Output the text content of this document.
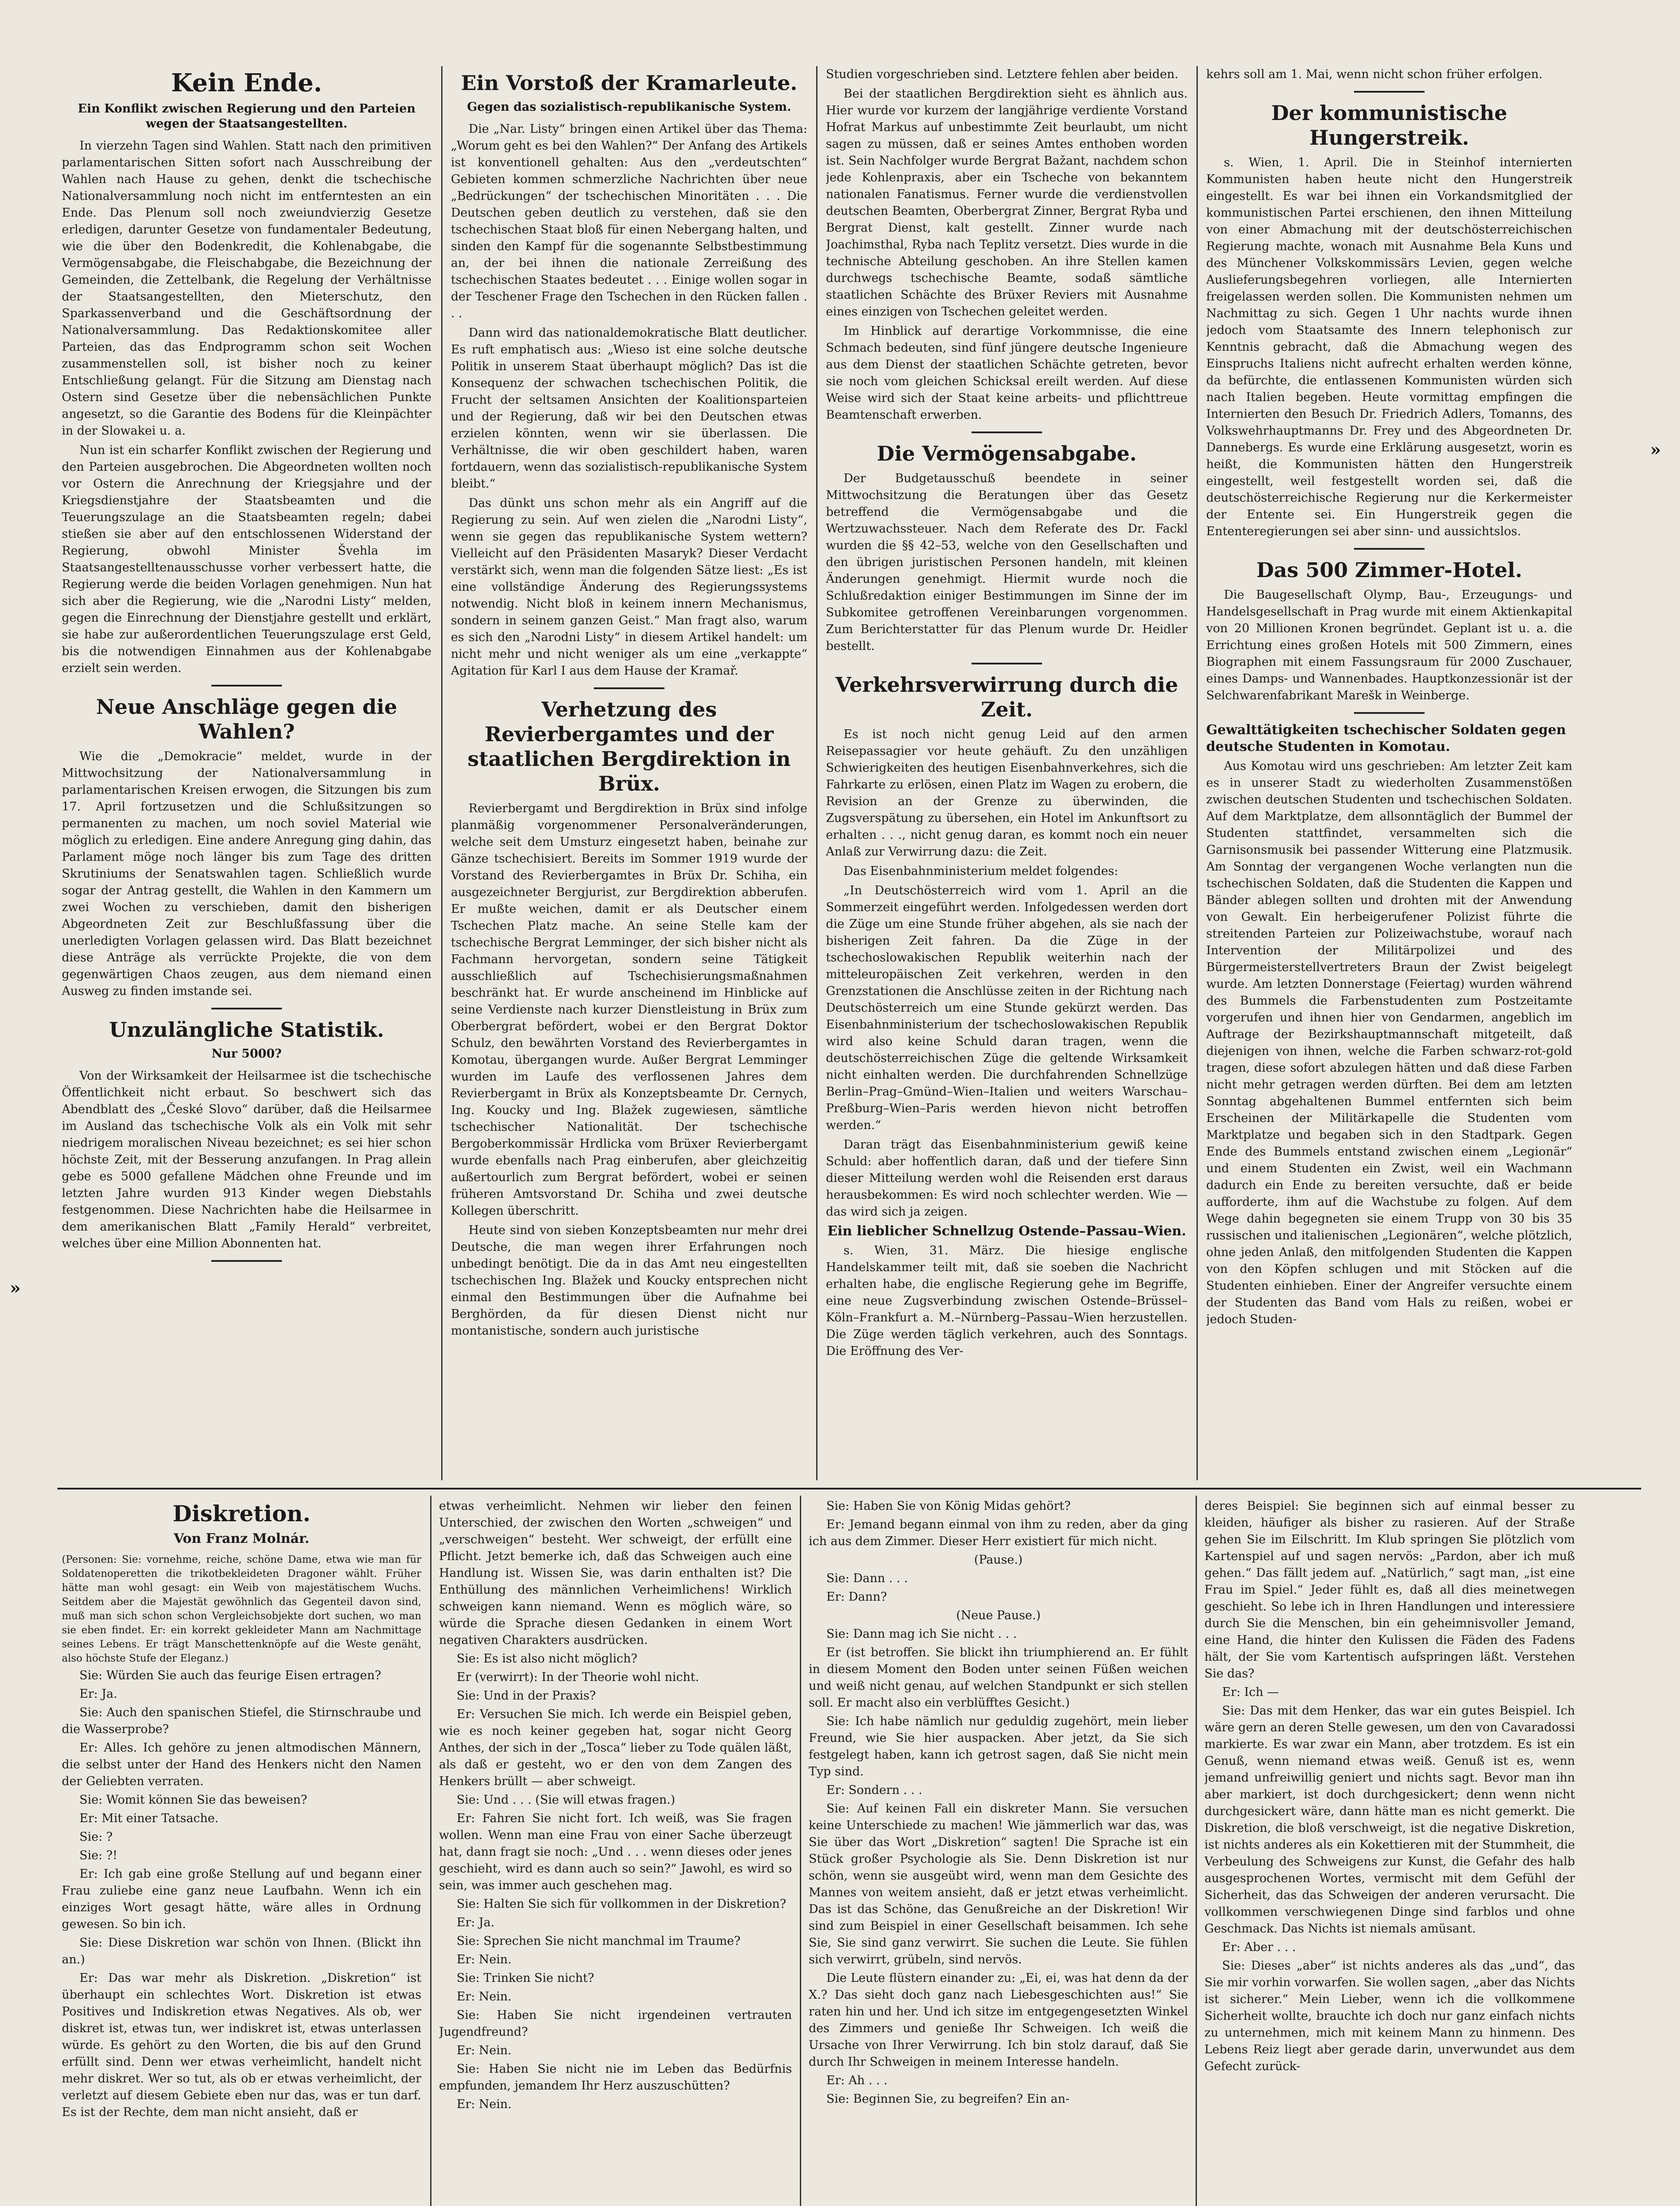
»
»
Kein Ende.
Ein Konflikt zwischen Regierung und den Parteien wegen der Staatsangestellten.

In vierzehn Tagen sind Wahlen. Statt nach den primitiven parlamentarischen Sitten sofort nach Ausschreibung der Wahlen nach Hause zu gehen, denkt die tschechische Nationalversammlung noch nicht im entferntesten an ein Ende. Das Plenum soll noch zweiundvierzig Gesetze erledigen, darunter Gesetze von fundamentaler Bedeutung, wie die über den Bodenkredit, die Kohlenabgabe, die Vermögensabgabe, die Fleischabgabe, die Bezeichnung der Gemeinden, die Zettelbank, die Regelung der Verhältnisse der Staatsangestellten, den Mieterschutz, den Sparkassenverband und die Geschäftsordnung der Nationalversammlung. Das Redaktionskomitee aller Parteien, das das Endprogramm schon seit Wochen zusammenstellen soll, ist bisher noch zu keiner Entschließung gelangt. Für die Sitzung am Dienstag nach Ostern sind Gesetze über die nebensächlichen Punkte angesetzt, so die Garantie des Bodens für die Kleinpächter in der Slowakei u. a.

Nun ist ein scharfer Konflikt zwischen der Regierung und den Parteien ausgebrochen. Die Abgeordneten wollten noch vor Ostern die Anrechnung der Kriegsjahre und der Kriegsdienstjahre der Staatsbeamten und die Teuerungszulage an die Staatsbeamten regeln; dabei stießen sie aber auf den entschlossenen Widerstand der Regierung, obwohl Minister Švehla im Staatsangestelltenausschusse vorher verbessert hatte, die Regierung werde die beiden Vorlagen genehmigen. Nun hat sich aber die Regierung, wie die „Narodni Listy“ melden, gegen die Einrechnung der Dienstjahre gestellt und erklärt, sie habe zur außerordentlichen Teuerungszulage erst Geld, bis die notwendigen Einnahmen aus der Kohlenabgabe erzielt sein werden.

Neue Anschläge gegen die Wahlen?

Wie die „Demokracie“ meldet, wurde in der Mittwochsitzung der Nationalversammlung in parlamentarischen Kreisen erwogen, die Sitzungen bis zum 17. April fortzusetzen und die Schlußsitzungen so permanenten zu machen, um noch soviel Material wie möglich zu erledigen. Eine andere Anregung ging dahin, das Parlament möge noch länger bis zum Tage des dritten Skrutiniums der Senatswahlen tagen. Schließlich wurde sogar der Antrag gestellt, die Wahlen in den Kammern um zwei Wochen zu verschieben, damit den bisherigen Abgeordneten Zeit zur Beschlußfassung über die unerledigten Vorlagen gelassen wird. Das Blatt bezeichnet diese Anträge als verrückte Projekte, die von dem gegenwärtigen Chaos zeugen, aus dem niemand einen Ausweg zu finden imstande sei.

Unzulängliche Statistik.
Nur 5000?

Von der Wirksamkeit der Heilsarmee ist die tschechische Öffentlichkeit nicht erbaut. So beschwert sich das Abendblatt des „České Slovo“ darüber, daß die Heilsarmee im Ausland das tschechische Volk als ein Volk mit sehr niedrigem moralischen Niveau bezeichnet; es sei hier schon höchste Zeit, mit der Besserung anzufangen. In Prag allein gebe es 5000 gefallene Mädchen ohne Freunde und im letzten Jahre wurden 913 Kinder wegen Diebstahls festgenommen. Diese Nachrichten habe die Heilsarmee in dem amerikanischen Blatt „Family Herald“ verbreitet, welches über eine Million Abonnenten hat.

Ein Vorstoß der Kramarleute.
Gegen das sozialistisch-republikanische System.

Die „Nar. Listy“ bringen einen Artikel über das Thema: „Worum geht es bei den Wahlen?“ Der Anfang des Artikels ist konventionell gehalten: Aus den „verdeutschten“ Gebieten kommen schmerzliche Nachrichten über neue „Bedrückungen“ der tschechischen Minoritäten . . . Die Deutschen geben deutlich zu verstehen, daß sie den tschechischen Staat bloß für einen Nebergang halten, und sinden den Kampf für die sogenannte Selbstbestimmung an, der bei ihnen die nationale Zerreißung des tschechischen Staates bedeutet . . . Einige wollen sogar in der Teschener Frage den Tschechen in den Rücken fallen . . .

Dann wird das nationaldemokratische Blatt deutlicher. Es ruft emphatisch aus: „Wieso ist eine solche deutsche Politik in unserem Staat überhaupt möglich? Das ist die Konsequenz der schwachen tschechischen Politik, die Frucht der seltsamen Ansichten der Koalitionsparteien und der Regierung, daß wir bei den Deutschen etwas erzielen könnten, wenn wir sie überlassen. Die Verhältnisse, die wir oben geschildert haben, waren fortdauern, wenn das sozialistisch-republikanische System bleibt.“

Das dünkt uns schon mehr als ein Angriff auf die Regierung zu sein. Auf wen zielen die „Narodni Listy“, wenn sie gegen das republikanische System wettern? Vielleicht auf den Präsidenten Masaryk? Dieser Verdacht verstärkt sich, wenn man die folgenden Sätze liest: „Es ist eine vollständige Änderung des Regierungssystems notwendig. Nicht bloß in keinem innern Mechanismus, sondern in seinem ganzen Geist.“ Man fragt also, warum es sich den „Narodni Listy“ in diesem Artikel handelt: um nicht mehr und nicht weniger als um eine „verkappte“ Agitation für Karl I aus dem Hause der Kramař.

Verhetzung des Revierbergamtes und der staatlichen Bergdirektion in Brüx.

Revierbergamt und Bergdirektion in Brüx sind infolge planmäßig vorgenommener Personalveränderungen, welche seit dem Umsturz eingesetzt haben, beinahe zur Gänze tschechisiert. Bereits im Sommer 1919 wurde der Vorstand des Revierbergamtes in Brüx Dr. Schiha, ein ausgezeichneter Bergjurist, zur Bergdirektion abberufen. Er mußte weichen, damit er als Deutscher einem Tschechen Platz mache. An seine Stelle kam der tschechische Bergrat Lemminger, der sich bisher nicht als Fachmann hervorgetan, sondern seine Tätigkeit ausschließlich auf Tschechisierungsmaßnahmen beschränkt hat. Er wurde anscheinend im Hinblicke auf seine Verdienste nach kurzer Dienstleistung in Brüx zum Oberbergrat befördert, wobei er den Bergrat Doktor Schulz, den bewährten Vorstand des Revierbergamtes in Komotau, übergangen wurde. Außer Bergrat Lemminger wurden im Laufe des verflossenen Jahres dem Revierbergamt in Brüx als Konzeptsbeamte Dr. Cernych, Ing. Koucky und Ing. Blažek zugewiesen, sämtliche tschechischer Nationalität. Der tschechische Bergoberkommissär Hrdlicka vom Brüxer Revierbergamt wurde ebenfalls nach Prag einberufen, aber gleichzeitig außertourlich zum Bergrat befördert, wobei er seinen früheren Amtsvorstand Dr. Schiha und zwei deutsche Kollegen überschritt.

Heute sind von sieben Konzeptsbeamten nur mehr drei Deutsche, die man wegen ihrer Erfahrungen noch unbedingt benötigt. Die da in das Amt neu eingestellten tschechischen Ing. Blažek und Koucky entsprechen nicht einmal den Bestimmungen über die Aufnahme bei Berghörden, da für diesen Dienst nicht nur montanistische, sondern auch juristische

Studien vorgeschrieben sind. Letztere fehlen aber beiden.

Bei der staatlichen Bergdirektion sieht es ähnlich aus. Hier wurde vor kurzem der langjährige verdiente Vorstand Hofrat Markus auf unbestimmte Zeit beurlaubt, um nicht sagen zu müssen, daß er seines Amtes enthoben worden ist. Sein Nachfolger wurde Bergrat Bažant, nachdem schon jede Kohlenpraxis, aber ein Tscheche von bekanntem nationalen Fanatismus. Ferner wurde die verdienstvollen deutschen Beamten, Oberbergrat Zinner, Bergrat Ryba und Bergrat Dienst, kalt gestellt. Zinner wurde nach Joachimsthal, Ryba nach Teplitz versetzt. Dies wurde in die technische Abteilung geschoben. An ihre Stellen kamen durchwegs tschechische Beamte, sodaß sämtliche staatlichen Schächte des Brüxer Reviers mit Ausnahme eines einzigen von Tschechen geleitet werden.

Im Hinblick auf derartige Vorkommnisse, die eine Schmach bedeuten, sind fünf jüngere deutsche Ingenieure aus dem Dienst der staatlichen Schächte getreten, bevor sie noch vom gleichen Schicksal ereilt werden. Auf diese Weise wird sich der Staat keine arbeits- und pflichttreue Beamtenschaft erwerben.

Die Vermögensabgabe.

Der Budgetausschuß beendete in seiner Mittwochsitzung die Beratungen über das Gesetz betreffend die Vermögensabgabe und die Wertzuwachssteuer. Nach dem Referate des Dr. Fackl wurden die §§ 42–53, welche von den Gesellschaften und den übrigen juristischen Personen handeln, mit kleinen Änderungen genehmigt. Hiermit wurde noch die Schlußredaktion einiger Bestimmungen im Sinne der im Subkomitee getroffenen Vereinbarungen vorgenommen. Zum Berichterstatter für das Plenum wurde Dr. Heidler bestellt.

Verkehrsverwirrung durch die Zeit.

Es ist noch nicht genug Leid auf den armen Reisepassagier vor heute gehäuft. Zu den unzähligen Schwierigkeiten des heutigen Eisenbahnverkehres, sich die Fahrkarte zu erlösen, einen Platz im Wagen zu erobern, die Revision an der Grenze zu überwinden, die Zugsverspätung zu übersehen, ein Hotel im Ankunftsort zu erhalten . . ., nicht genug daran, es kommt noch ein neuer Anlaß zur Verwirrung dazu: die Zeit.

Das Eisenbahnministerium meldet folgendes:

„In Deutschösterreich wird vom 1. April an die Sommerzeit eingeführt werden. Infolgedessen werden dort die Züge um eine Stunde früher abgehen, als sie nach der bisherigen Zeit fahren. Da die Züge in der tschechoslowakischen Republik weiterhin nach der mitteleuropäischen Zeit verkehren, werden in den Grenzstationen die Anschlüsse zeiten in der Richtung nach Deutschösterreich um eine Stunde gekürzt werden. Das Eisenbahnministerium der tschechoslowakischen Republik wird also keine Schuld daran tragen, wenn die deutschösterreichischen Züge die geltende Wirksamkeit nicht einhalten werden. Die durchfahrenden Schnellzüge Berlin–Prag–Gmünd–Wien–Italien und weiters Warschau–Preßburg–Wien–Paris werden hievon nicht betroffen werden.“

Daran trägt das Eisenbahnministerium gewiß keine Schuld: aber hoffentlich daran, daß und der tiefere Sinn dieser Mitteilung werden wohl die Reisenden erst daraus herausbekommen: Es wird noch schlechter werden. Wie — das wird sich ja zeigen.

Ein lieblicher Schnellzug Ostende–Passau–Wien.

s. Wien, 31. März. Die hiesige englische Handelskammer teilt mit, daß sie soeben die Nachricht erhalten habe, die englische Regierung gehe im Begriffe, eine neue Zugsverbindung zwischen Ostende–Brüssel–Köln–Frankfurt a. M.–Nürnberg–Passau–Wien herzustellen. Die Züge werden täglich verkehren, auch des Sonntags. Die Eröffnung des Ver-

kehrs soll am 1. Mai, wenn nicht schon früher erfolgen.

Der kommunistische Hungerstreik.

s. Wien, 1. April. Die in Steinhof internierten Kommunisten haben heute nicht den Hungerstreik eingestellt. Es war bei ihnen ein Vorkandsmitglied der kommunistischen Partei erschienen, den ihnen Mitteilung von einer Abmachung mit der deutschösterreichischen Regierung machte, wonach mit Ausnahme Bela Kuns und des Münchener Volkskommissärs Levien, gegen welche Auslieferungsbegehren vorliegen, alle Internierten freigelassen werden sollen. Die Kommunisten nehmen um Nachmittag zu sich. Gegen 1 Uhr nachts wurde ihnen jedoch vom Staatsamte des Innern telephonisch zur Kenntnis gebracht, daß die Abmachung wegen des Einspruchs Italiens nicht aufrecht erhalten werden könne, da befürchte, die entlassenen Kommunisten würden sich nach Italien begeben. Heute vormittag empfingen die Internierten den Besuch Dr. Friedrich Adlers, Tomanns, des Volkswehrhauptmanns Dr. Frey und des Abgeordneten Dr. Dannebergs. Es wurde eine Erklärung ausgesetzt, worin es heißt, die Kommunisten hätten den Hungerstreik eingestellt, weil festgestellt worden sei, daß die deutschösterreichische Regierung nur die Kerkermeister der Entente sei. Ein Hungerstreik gegen die Ententeregierungen sei aber sinn- und aussichtslos.

Das 500 Zimmer-Hotel.

Die Baugesellschaft Olymp, Bau-, Erzeugungs- und Handelsgesellschaft in Prag wurde mit einem Aktienkapital von 20 Millionen Kronen begründet. Geplant ist u. a. die Errichtung eines großen Hotels mit 500 Zimmern, eines Biographen mit einem Fassungsraum für 2000 Zuschauer, eines Damps- und Wannenbades. Hauptkonzessionär ist der Selchwarenfabrikant Marešk in Weinberge.

Gewalttätigkeiten tschechischer Soldaten gegen deutsche Studenten in Komotau.

Aus Komotau wird uns geschrieben: Am letzter Zeit kam es in unserer Stadt zu wiederholten Zusammenstößen zwischen deutschen Studenten und tschechischen Soldaten. Auf dem Marktplatze, dem allsonntäglich der Bummel der Studenten stattfindet, versammelten sich die Garnisonsmusik bei passender Witterung eine Platzmusik. Am Sonntag der vergangenen Woche verlangten nun die tschechischen Soldaten, daß die Studenten die Kappen und Bänder ablegen sollten und drohten mit der Anwendung von Gewalt. Ein herbeigerufener Polizist führte die streitenden Parteien zur Polizeiwachstube, worauf nach Intervention der Militärpolizei und des Bürgermeisterstellvertreters Braun der Zwist beigelegt wurde. Am letzten Donnerstage (Feiertag) wurden während des Bummels die Farbenstudenten zum Postzeitamte vorgerufen und ihnen hier von Gendarmen, angeblich im Auftrage der Bezirkshauptmannschaft mitgeteilt, daß diejenigen von ihnen, welche die Farben schwarz-rot-gold tragen, diese sofort abzulegen hätten und daß diese Farben nicht mehr getragen werden dürften. Bei dem am letzten Sonntag abgehaltenen Bummel entfernten sich beim Erscheinen der Militärkapelle die Studenten vom Marktplatze und begaben sich in den Stadtpark. Gegen Ende des Bummels entstand zwischen einem „Legionär“ und einem Studenten ein Zwist, weil ein Wachmann dadurch ein Ende zu bereiten versuchte, daß er beide aufforderte, ihm auf die Wachstube zu folgen. Auf dem Wege dahin begegneten sie einem Trupp von 30 bis 35 russischen und italienischen „Legionären“, welche plötzlich, ohne jeden Anlaß, den mitfolgenden Studenten die Kappen von den Köpfen schlugen und mit Stöcken auf die Studenten einhieben. Einer der Angreifer versuchte einem der Studenten das Band vom Hals zu reißen, wobei er jedoch Studen-

Diskretion.
Von Franz Molnár.

(Personen: Sie: vornehme, reiche, schöne Dame, etwa wie man für Soldatenoperetten die trikotbekleideten Dragoner wählt. Früher hätte man wohl gesagt: ein Weib von majestätischem Wuchs. Seitdem aber die Majestät gewöhnlich das Gegenteil davon sind, muß man sich schon schon Vergleichsobjekte dort suchen, wo man sie eben findet. Er: ein korrekt gekleideter Mann am Nachmittage seines Lebens. Er trägt Manschettenknöpfe auf die Weste genäht, also höchste Stufe der Eleganz.)

Sie: Würden Sie auch das feurige Eisen ertragen?

Er: Ja.

Sie: Auch den spanischen Stiefel, die Stirnschraube und die Wasserprobe?

Er: Alles. Ich gehöre zu jenen altmodischen Männern, die selbst unter der Hand des Henkers nicht den Namen der Geliebten verraten.

Sie: Womit können Sie das beweisen?

Er: Mit einer Tatsache.

Sie: ?

Sie: ?!

Er: Ich gab eine große Stellung auf und begann einer Frau zuliebe eine ganz neue Laufbahn. Wenn ich ein einziges Wort gesagt hätte, wäre alles in Ordnung gewesen. So bin ich.

Sie: Diese Diskretion war schön von Ihnen. (Blickt ihn an.)

Er: Das war mehr als Diskretion. „Diskretion“ ist überhaupt ein schlechtes Wort. Diskretion ist etwas Positives und Indiskretion etwas Negatives. Als ob, wer diskret ist, etwas tun, wer indiskret ist, etwas unterlassen würde. Es gehört zu den Worten, die bis auf den Grund erfüllt sind. Denn wer etwas verheimlicht, handelt nicht mehr diskret. Wer so tut, als ob er etwas verheimlicht, der verletzt auf diesem Gebiete eben nur das, was er tun darf. Es ist der Rechte, dem man nicht ansieht, daß er

etwas verheimlicht. Nehmen wir lieber den feinen Unterschied, der zwischen den Worten „schweigen“ und „verschweigen“ besteht. Wer schweigt, der erfüllt eine Pflicht. Jetzt bemerke ich, daß das Schweigen auch eine Handlung ist. Wissen Sie, was darin enthalten ist? Die Enthüllung des männlichen Verheimlichens! Wirklich schweigen kann niemand. Wenn es möglich wäre, so würde die Sprache diesen Gedanken in einem Wort negativen Charakters ausdrücken.

Sie: Es ist also nicht möglich?

Er (verwirrt): In der Theorie wohl nicht.

Sie: Und in der Praxis?

Er: Versuchen Sie mich. Ich werde ein Beispiel geben, wie es noch keiner gegeben hat, sogar nicht Georg Anthes, der sich in der „Tosca“ lieber zu Tode quälen läßt, als daß er gesteht, wo er den von dem Zangen des Henkers brüllt — aber schweigt.

Sie: Und . . . (Sie will etwas fragen.)

Er: Fahren Sie nicht fort. Ich weiß, was Sie fragen wollen. Wenn man eine Frau von einer Sache überzeugt hat, dann fragt sie noch: „Und . . . wenn dieses oder jenes geschieht, wird es dann auch so sein?“ Jawohl, es wird so sein, was immer auch geschehen mag.

Sie: Halten Sie sich für vollkommen in der Diskretion?

Er: Ja.

Sie: Sprechen Sie nicht manchmal im Traume?

Er: Nein.

Sie: Trinken Sie nicht?

Er: Nein.

Sie: Haben Sie nicht irgendeinen vertrauten Jugendfreund?

Er: Nein.

Sie: Haben Sie nicht nie im Leben das Bedürfnis empfunden, jemandem Ihr Herz auszuschütten?

Er: Nein.

Sie: Haben Sie von König Midas gehört?

Er: Jemand begann einmal von ihm zu reden, aber da ging ich aus dem Zimmer. Dieser Herr existiert für mich nicht.

(Pause.)

Sie: Dann . . .

Er: Dann?

(Neue Pause.)

Sie: Dann mag ich Sie nicht . . .

Er (ist betroffen. Sie blickt ihn triumphierend an. Er fühlt in diesem Moment den Boden unter seinen Füßen weichen und weiß nicht genau, auf welchen Standpunkt er sich stellen soll. Er macht also ein verblüfftes Gesicht.)

Sie: Ich habe nämlich nur geduldig zugehört, mein lieber Freund, wie Sie hier auspacken. Aber jetzt, da Sie sich festgelegt haben, kann ich getrost sagen, daß Sie nicht mein Typ sind.

Er: Sondern . . .

Sie: Auf keinen Fall ein diskreter Mann. Sie versuchen keine Unterschiede zu machen! Wie jämmerlich war das, was Sie über das Wort „Diskretion“ sagten! Die Sprache ist ein Stück großer Psychologie als Sie. Denn Diskretion ist nur schön, wenn sie ausgeübt wird, wenn man dem Gesichte des Mannes von weitem ansieht, daß er jetzt etwas verheimlicht. Das ist das Schöne, das Genußreiche an der Diskretion! Wir sind zum Beispiel in einer Gesellschaft beisammen. Ich sehe Sie, Sie sind ganz verwirrt. Sie suchen die Leute. Sie fühlen sich verwirrt, grübeln, sind nervös.

Die Leute flüstern einander zu: „Ei, ei, was hat denn da der X.? Das sieht doch ganz nach Liebesgeschichten aus!“ Sie raten hin und her. Und ich sitze im entgegengesetzten Winkel des Zimmers und genieße Ihr Schweigen. Ich weiß die Ursache von Ihrer Verwirrung. Ich bin stolz darauf, daß Sie durch Ihr Schweigen in meinem Interesse handeln.

Er: Ah . . .

Sie: Beginnen Sie, zu begreifen? Ein an-

deres Beispiel: Sie beginnen sich auf einmal besser zu kleiden, häufiger als bisher zu rasieren. Auf der Straße gehen Sie im Eilschritt. Im Klub springen Sie plötzlich vom Kartenspiel auf und sagen nervös: „Pardon, aber ich muß gehen.“ Das fällt jedem auf. „Natürlich,“ sagt man, „ist eine Frau im Spiel.“ Jeder fühlt es, daß all dies meinetwegen geschieht. So lebe ich in Ihren Handlungen und interessiere durch Sie die Menschen, bin ein geheimnisvoller Jemand, eine Hand, die hinter den Kulissen die Fäden des Fadens hält, der Sie vom Kartentisch aufspringen läßt. Verstehen Sie das?

Er: Ich —

Sie: Das mit dem Henker, das war ein gutes Beispiel. Ich wäre gern an deren Stelle gewesen, um den von Cavaradossi markierte. Es war zwar ein Mann, aber trotzdem. Es ist ein Genuß, wenn niemand etwas weiß. Genuß ist es, wenn jemand unfreiwillig geniert und nichts sagt. Bevor man ihn aber markiert, ist doch durchgesickert; denn wenn nicht durchgesickert wäre, dann hätte man es nicht gemerkt. Die Diskretion, die bloß verschweigt, ist die negative Diskretion, ist nichts anderes als ein Kokettieren mit der Stummheit, die Verbeulung des Schweigens zur Kunst, die Gefahr des halb ausgesprochenen Wortes, vermischt mit dem Gefühl der Sicherheit, das das Schweigen der anderen verursacht. Die vollkommen verschwiegenen Dinge sind farblos und ohne Geschmack. Das Nichts ist niemals amüsant.

Er: Aber . . .

Sie: Dieses „aber“ ist nichts anderes als das „und“, das Sie mir vorhin vorwarfen. Sie wollen sagen, „aber das Nichts ist sicherer.“ Mein Lieber, wenn ich die vollkommene Sicherheit wollte, brauchte ich doch nur ganz einfach nichts zu unternehmen, mich mit keinem Mann zu hinmenn. Des Lebens Reiz liegt aber gerade darin, unverwundet aus dem Gefecht zurück-
